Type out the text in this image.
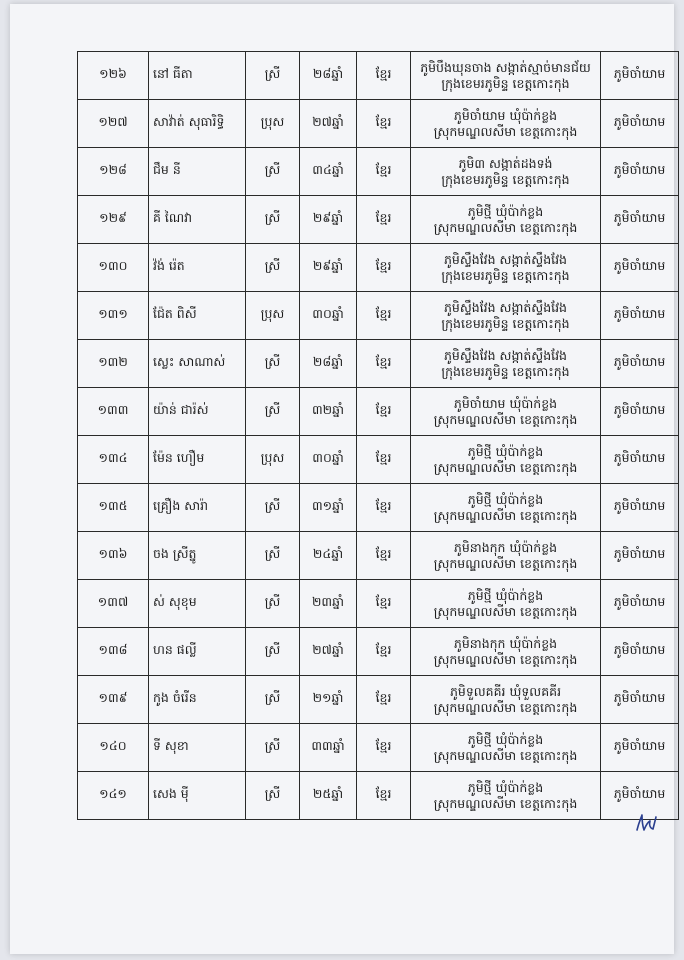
១២៦	នៅ ធីតា	ស្រី	២៨ឆ្នាំ	ខ្មែរ	ភូមិបឹងឃុនចាង សង្កាត់ស្មាច់មានជ័យ
ក្រុងខេមរភូមិន្ទ ខេត្តកោះកុង	ភូមិចាំយាម
១២៧	សាវ៉ាត់ សុធារិទ្ធិ	ប្រុស	២៧ឆ្នាំ	ខ្មែរ	ភូមិចាំយាម ឃុំប៉ាក់ខ្លង
ស្រុកមណ្ឌលសីមា ខេត្តកោះកុង	ភូមិចាំយាម
១២៨	ជឹម នី	ស្រី	៣៤ឆ្នាំ	ខ្មែរ	ភូមិ៣ សង្កាត់ដងទង់
ក្រុងខេមរភូមិន្ទ ខេត្តកោះកុង	ភូមិចាំយាម
១២៩	គី ណៃវា	ស្រី	២៩ឆ្នាំ	ខ្មែរ	ភូមិថ្មី ឃុំប៉ាក់ខ្លង
ស្រុកមណ្ឌលសីមា ខេត្តកោះកុង	ភូមិចាំយាម
១៣០	វ៉ង់ រ៉េត	ស្រី	២៩ឆ្នាំ	ខ្មែរ	ភូមិស្ទឹងវែង សង្កាត់ស្ទឹងវែង
ក្រុងខេមរភូមិន្ទ ខេត្តកោះកុង	ភូមិចាំយាម
១៣១	ជ៉ែត ពិសី	ប្រុស	៣០ឆ្នាំ	ខ្មែរ	ភូមិស្ទឹងវែង សង្កាត់ស្ទឹងវែង
ក្រុងខេមរភូមិន្ទ ខេត្តកោះកុង	ភូមិចាំយាម
១៣២	ស្លេះ សាណាស់	ស្រី	២៨ឆ្នាំ	ខ្មែរ	ភូមិស្ទឹងវែង សង្កាត់ស្ទឹងវែង
ក្រុងខេមរភូមិន្ទ ខេត្តកោះកុង	ភូមិចាំយាម
១៣៣	យ៉ាន់ ជារ៉ស់	ស្រី	៣២ឆ្នាំ	ខ្មែរ	ភូមិចាំយាម ឃុំប៉ាក់ខ្លង
ស្រុកមណ្ឌលសីមា ខេត្តកោះកុង	ភូមិចាំយាម
១៣៤	ម៉ែន ហឿម	ប្រុស	៣០ឆ្នាំ	ខ្មែរ	ភូមិថ្មី ឃុំប៉ាក់ខ្លង
ស្រុកមណ្ឌលសីមា ខេត្តកោះកុង	ភូមិចាំយាម
១៣៥	គ្រឿង សារ៉ា	ស្រី	៣១ឆ្នាំ	ខ្មែរ	ភូមិថ្មី ឃុំប៉ាក់ខ្លង
ស្រុកមណ្ឌលសីមា ខេត្តកោះកុង	ភូមិចាំយាម
១៣៦	ចង ស្រីត្នូ	ស្រី	២៤ឆ្នាំ	ខ្មែរ	ភូមិនាងកុក ឃុំប៉ាក់ខ្លង
ស្រុកមណ្ឌលសីមា ខេត្តកោះកុង	ភូមិចាំយាម
១៣៧	ស់ សុខុម	ស្រី	២៣ឆ្នាំ	ខ្មែរ	ភូមិថ្មី ឃុំប៉ាក់ខ្លង
ស្រុកមណ្ឌលសីមា ខេត្តកោះកុង	ភូមិចាំយាម
១៣៨	ហន ផល្លី	ស្រី	២៧ឆ្នាំ	ខ្មែរ	ភូមិនាងកុក ឃុំប៉ាក់ខ្លង
ស្រុកមណ្ឌលសីមា ខេត្តកោះកុង	ភូមិចាំយាម
១៣៩	កូង ចំរើន	ស្រី	២១ឆ្នាំ	ខ្មែរ	ភូមិទួលគគីរ ឃុំទួលគគីរ
ស្រុកមណ្ឌលសីមា ខេត្តកោះកុង	ភូមិចាំយាម
១៤០	ទី សុខា	ស្រី	៣៣ឆ្នាំ	ខ្មែរ	ភូមិថ្មី ឃុំប៉ាក់ខ្លង
ស្រុកមណ្ឌលសីមា ខេត្តកោះកុង	ភូមិចាំយាម
១៤១	សេង ម៉ី	ស្រី	២៥ឆ្នាំ	ខ្មែរ	ភូមិថ្មី ឃុំប៉ាក់ខ្លង
ស្រុកមណ្ឌលសីមា ខេត្តកោះកុង	ភូមិចាំយាម
